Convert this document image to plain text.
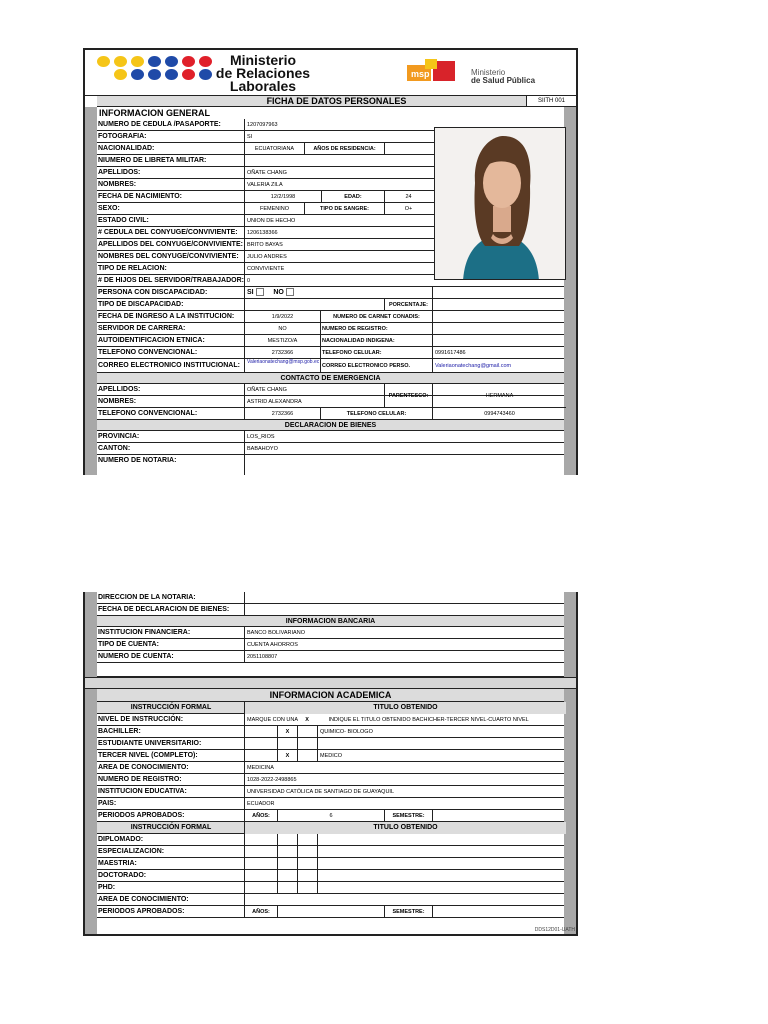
Ministerio
de Relaciones
Laborales
msp	Ministerio
de Salud Pública
FICHA DE DATOS PERSONALES	SIITH 001
INFORMACION GENERAL
NUMERO DE CEDULA /PASAPORTE:	1207097963
FOTOGRAFIA:	SI
NACIONALIDAD:	ECUATORIANA	AÑOS DE RESIDENCIA:
NIUMERO DE LIBRETA MILITAR:
APELLIDOS:	OÑATE CHANG
NOMBRES:	VALERIA ZILA
FECHA DE NACIMIENTO:	12/2/1998	EDAD:	24
SEXO:	FEMENINO	TIPO DE SANGRE:	O+
ESTADO CIVIL:	UNION DE HECHO
# CEDULA DEL CONYUGE/CONVIVIENTE:	1206138366
APELLIDOS DEL CONYUGE/CONVIVIENTE: BRITO BAYAS
NOMBRES DEL CONYUGE/CONVIVIENTE:	JULIO ANDRES
TIPO DE RELACION:	CONVIVIENTE
# DE HIJOS DEL SERVIDOR/TRABAJADOR: 0
PERSONA CON DISCAPACIDAD:	SI	NO
TIPO DE DISCAPACIDAD:	PORCENTAJE:
FECHA DE INGRESO A LA INSTITUCION:	1/9/2022	NUMERO DE CARNET CONADIS:
SERVIDOR DE CARRERA:	NO	NUMERO DE REGISTRO:
AUTOIDENTIFICACION ETNICA:	MESTIZO/A	NACIONALIDAD INDIGENA:
TELEFONO CONVENCIONAL:	2732366	TELEFONO CELULAR:	0991617486
CORREO ELECTRONICO INSTITUCIONAL:	Valeriaonatechang@msp.gob.ec
CORREO ELECTRONICO PERSO.	Valeriaonatechang@gmail.com
CONTACTO DE EMERGENCIA
APELLIDOS:	OÑATE CHANG
NOMBRES:	ASTRID ALEXANDRA
PARENTESCO:	HERMANA
TELEFONO CONVENCIONAL:	2732366	TELEFONO CELULAR:	0994743460
DECLARACION DE BIENES
PROVINCIA:	LOS_RIOS
CANTON:	BABAHOYO
NUMERO DE NOTARIA:
DIRECCION DE LA NOTARIA:
FECHA DE DECLARACION DE BIENES:
INFORMACION BANCARIA
INSTITUCION FINANCIERA:	BANCO BOLIVARIANO
TIPO DE CUENTA:	CUENTA AHORROS
NUMERO DE CUENTA:	2051108807
INFORMACION ACADEMICA
INSTRUCCIÓN FORMAL	TITULO OBTENIDO
NIVEL DE INSTRUCCIÓN:	MARQUE CON UNA X	INDIQUE EL TITULO OBTENIDO BACHICHER-TERCER NIVEL-CUARTO NIVEL
BACHILLER:	X	QUIMICO- BIOLOGO
ESTUDIANTE UNIVERSITARIO:
TERCER NIVEL (COMPLETO):	X	MEDICO
AREA DE CONOCIMIENTO:	MEDICINA
NUMERO DE REGISTRO:	1028-2022-2498865
INSTITUCION EDUCATIVA:	UNIVERSIDAD CATÓLICA DE SANTIAGO DE GUAYAQUIL
PAIS:	ECUADOR
PERIODOS APROBADOS:	AÑOS:	6	SEMESTRE:
INSTRUCCIÓN FORMAL	TITULO OBTENIDO
DIPLOMADO:
ESPECIALIZACION:
MAESTRIA:
DOCTORADO:
PHD:
AREA DE CONOCIMIENTO:
PERIODOS APROBADOS:	AÑOS:	SEMESTRE:
DDS12D01-UATH
